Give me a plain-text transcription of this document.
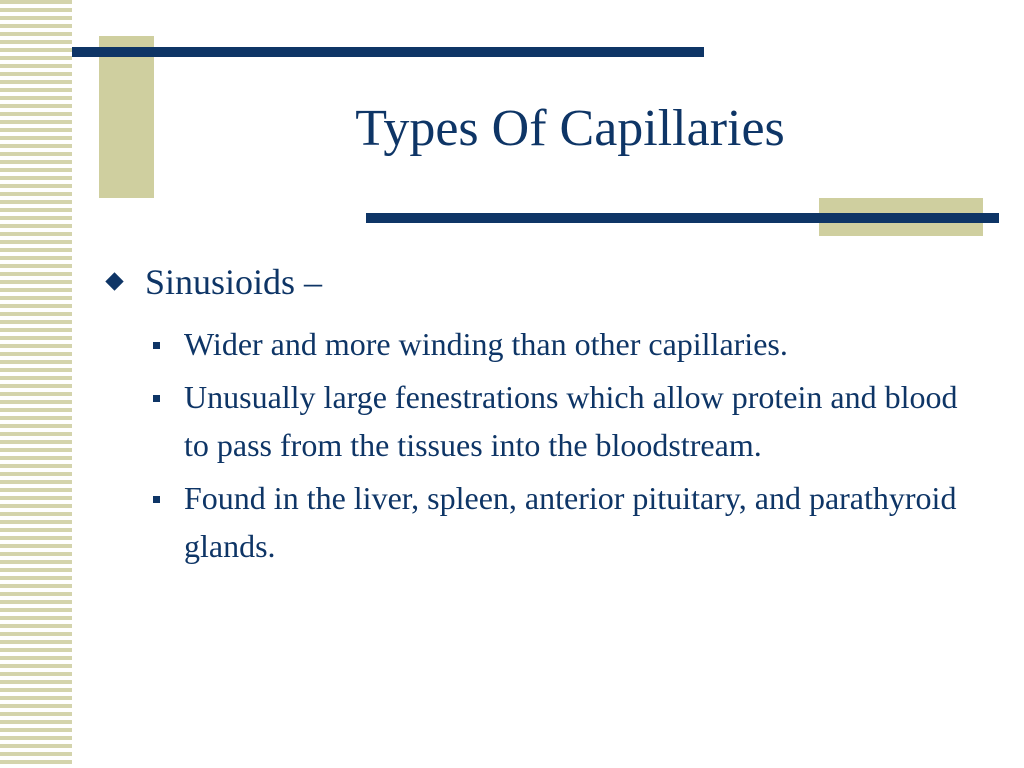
Types Of Capillaries
Sinusioids –
Wider and more winding than other capillaries.
Unusually large fenestrations which allow protein and blood to pass from the tissues into the bloodstream.
Found in the liver, spleen, anterior pituitary, and parathyroid glands.
